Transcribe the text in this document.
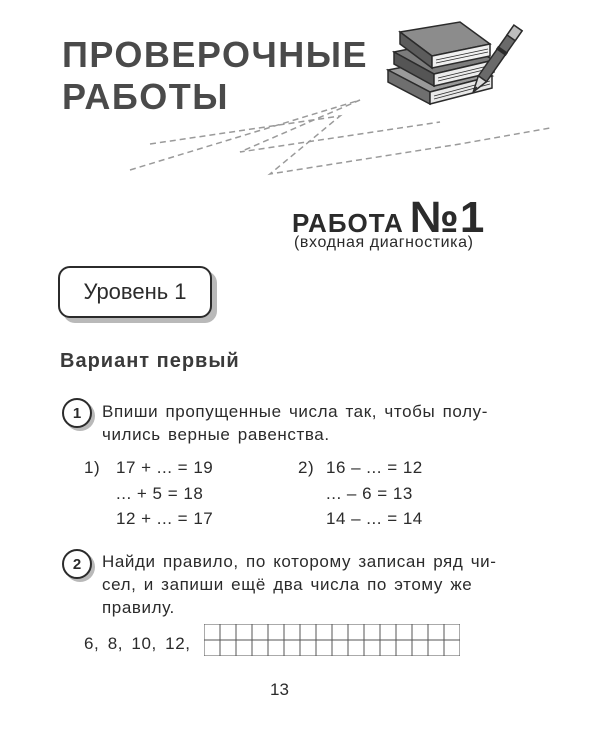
ПРОВЕРОЧНЫЕ
РАБОТЫ
РАБОТА №1
(входная диагностика)
Уровень 1
Вариант первый
1 Впиши пропущенные числа так, чтобы полу-
чились верные равенства.
1) 17 + ... = 19
... + 5 = 18
12 + ... = 17
2) 16 – ... = 12
... – 6 = 13
14 – ... = 14
2 Найди правило, по которому записан ряд чи-
сел, и запиши ещё два числа по этому же
правилу.
6, 8, 10, 12,
13
